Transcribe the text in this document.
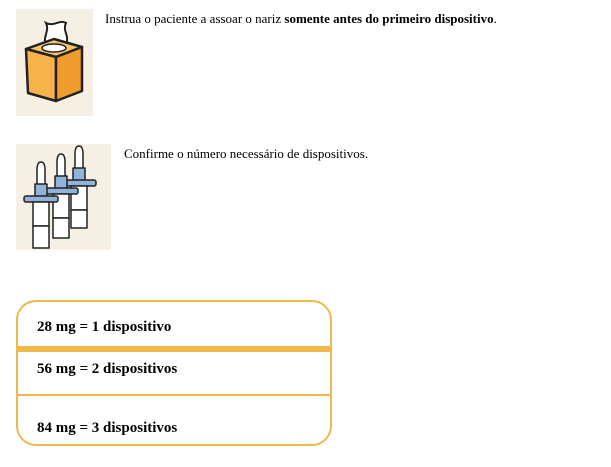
Instrua o paciente a assoar o nariz somente antes do primeiro dispositivo.
Confirme o número necessário de dispositivos.
28 mg = 1 dispositivo
56 mg = 2 dispositivos
84 mg = 3 dispositivos
